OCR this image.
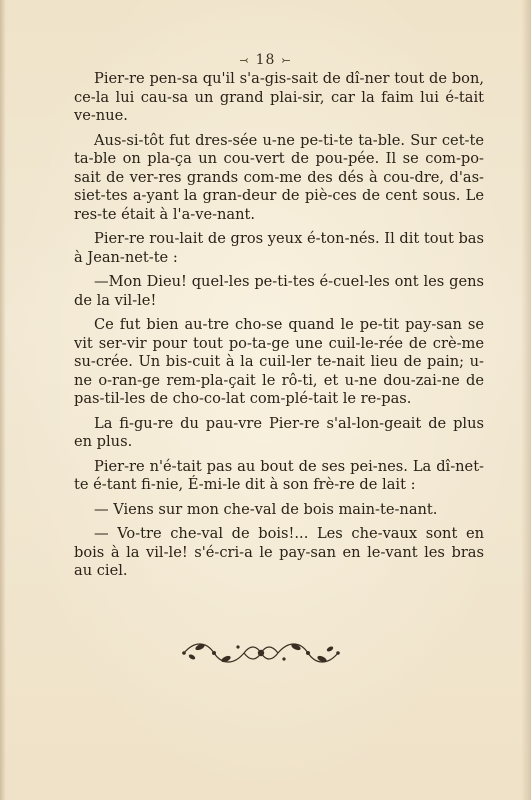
⤙ 18 ⤚

Pier-re pen-sa qu'il s'a-gis-sait de dî-ner tout de bon, ce-la lui cau-sa un grand plai-sir, car la faim lui é-tait ve-nue.

Aus-si-tôt fut dres-sée u-ne pe-ti-te ta-ble. Sur cet-te ta-ble on pla-ça un cou-vert de pou-pée. Il se com-po-sait de ver-res grands com-me des dés à cou-dre, d'as-siet-tes a-yant la gran-deur de piè-ces de cent sous. Le res-te était à l'a-ve-nant.

Pier-re rou-lait de gros yeux é-ton-nés. Il dit tout bas à Jean-net-te :

—Mon Dieu! quel-les pe-ti-tes é-cuel-les ont les gens de la vil-le!

Ce fut bien au-tre cho-se quand le pe-tit pay-san se vit ser-vir pour tout po-ta-ge une cuil-le-rée de crè-me su-crée. Un bis-cuit à la cuil-ler te-nait lieu de pain; u-ne o-ran-ge rem-pla-çait le rô-ti, et u-ne dou-zai-ne de pas-til-les de cho-co-lat com-plé-tait le re-pas.

La fi-gu-re du pau-vre Pier-re s'al-lon-geait de plus en plus.

Pier-re n'é-tait pas au bout de ses pei-nes. La dî-net-te é-tant fi-nie, É-mi-le dit à son frè-re de lait :

— Viens sur mon che-val de bois main-te-nant.

— Vo-tre che-val de bois!... Les che-vaux sont en bois à la vil-le! s'é-cri-a le pay-san en le-vant les bras au ciel.
